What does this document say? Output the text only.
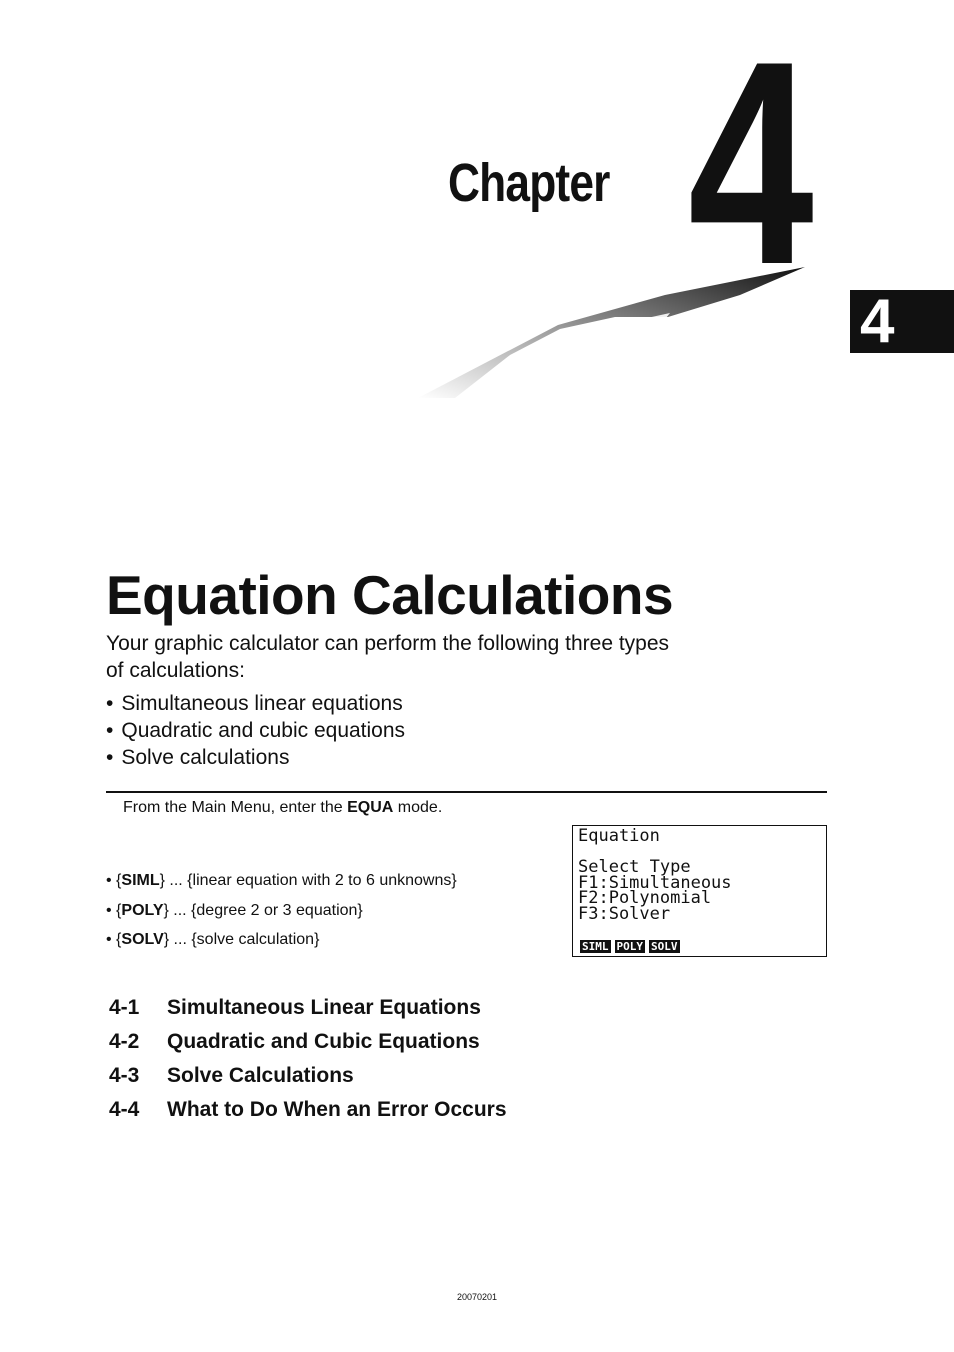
Chapter 4 4
Equation Calculations

Your graphic calculator can perform the following three types
of calculations:

• Simultaneous linear equations
• Quadratic and cubic equations
• Solve calculations
From the Main Menu, enter the EQUA mode.
• {SIML} ... {linear equation with 2 to 6 unknowns}
• {POLY} ... {degree 2 or 3 equation}
• {SOLV} ... {solve calculation}
Equation

Select Type
F1:Simultaneous
F2:Polynomial
F3:Solver
SIML POLY SOLV
4-1	Simultaneous Linear Equations
4-2	Quadratic and Cubic Equations
4-3	Solve Calculations
4-4	What to Do When an Error Occurs
20070201
